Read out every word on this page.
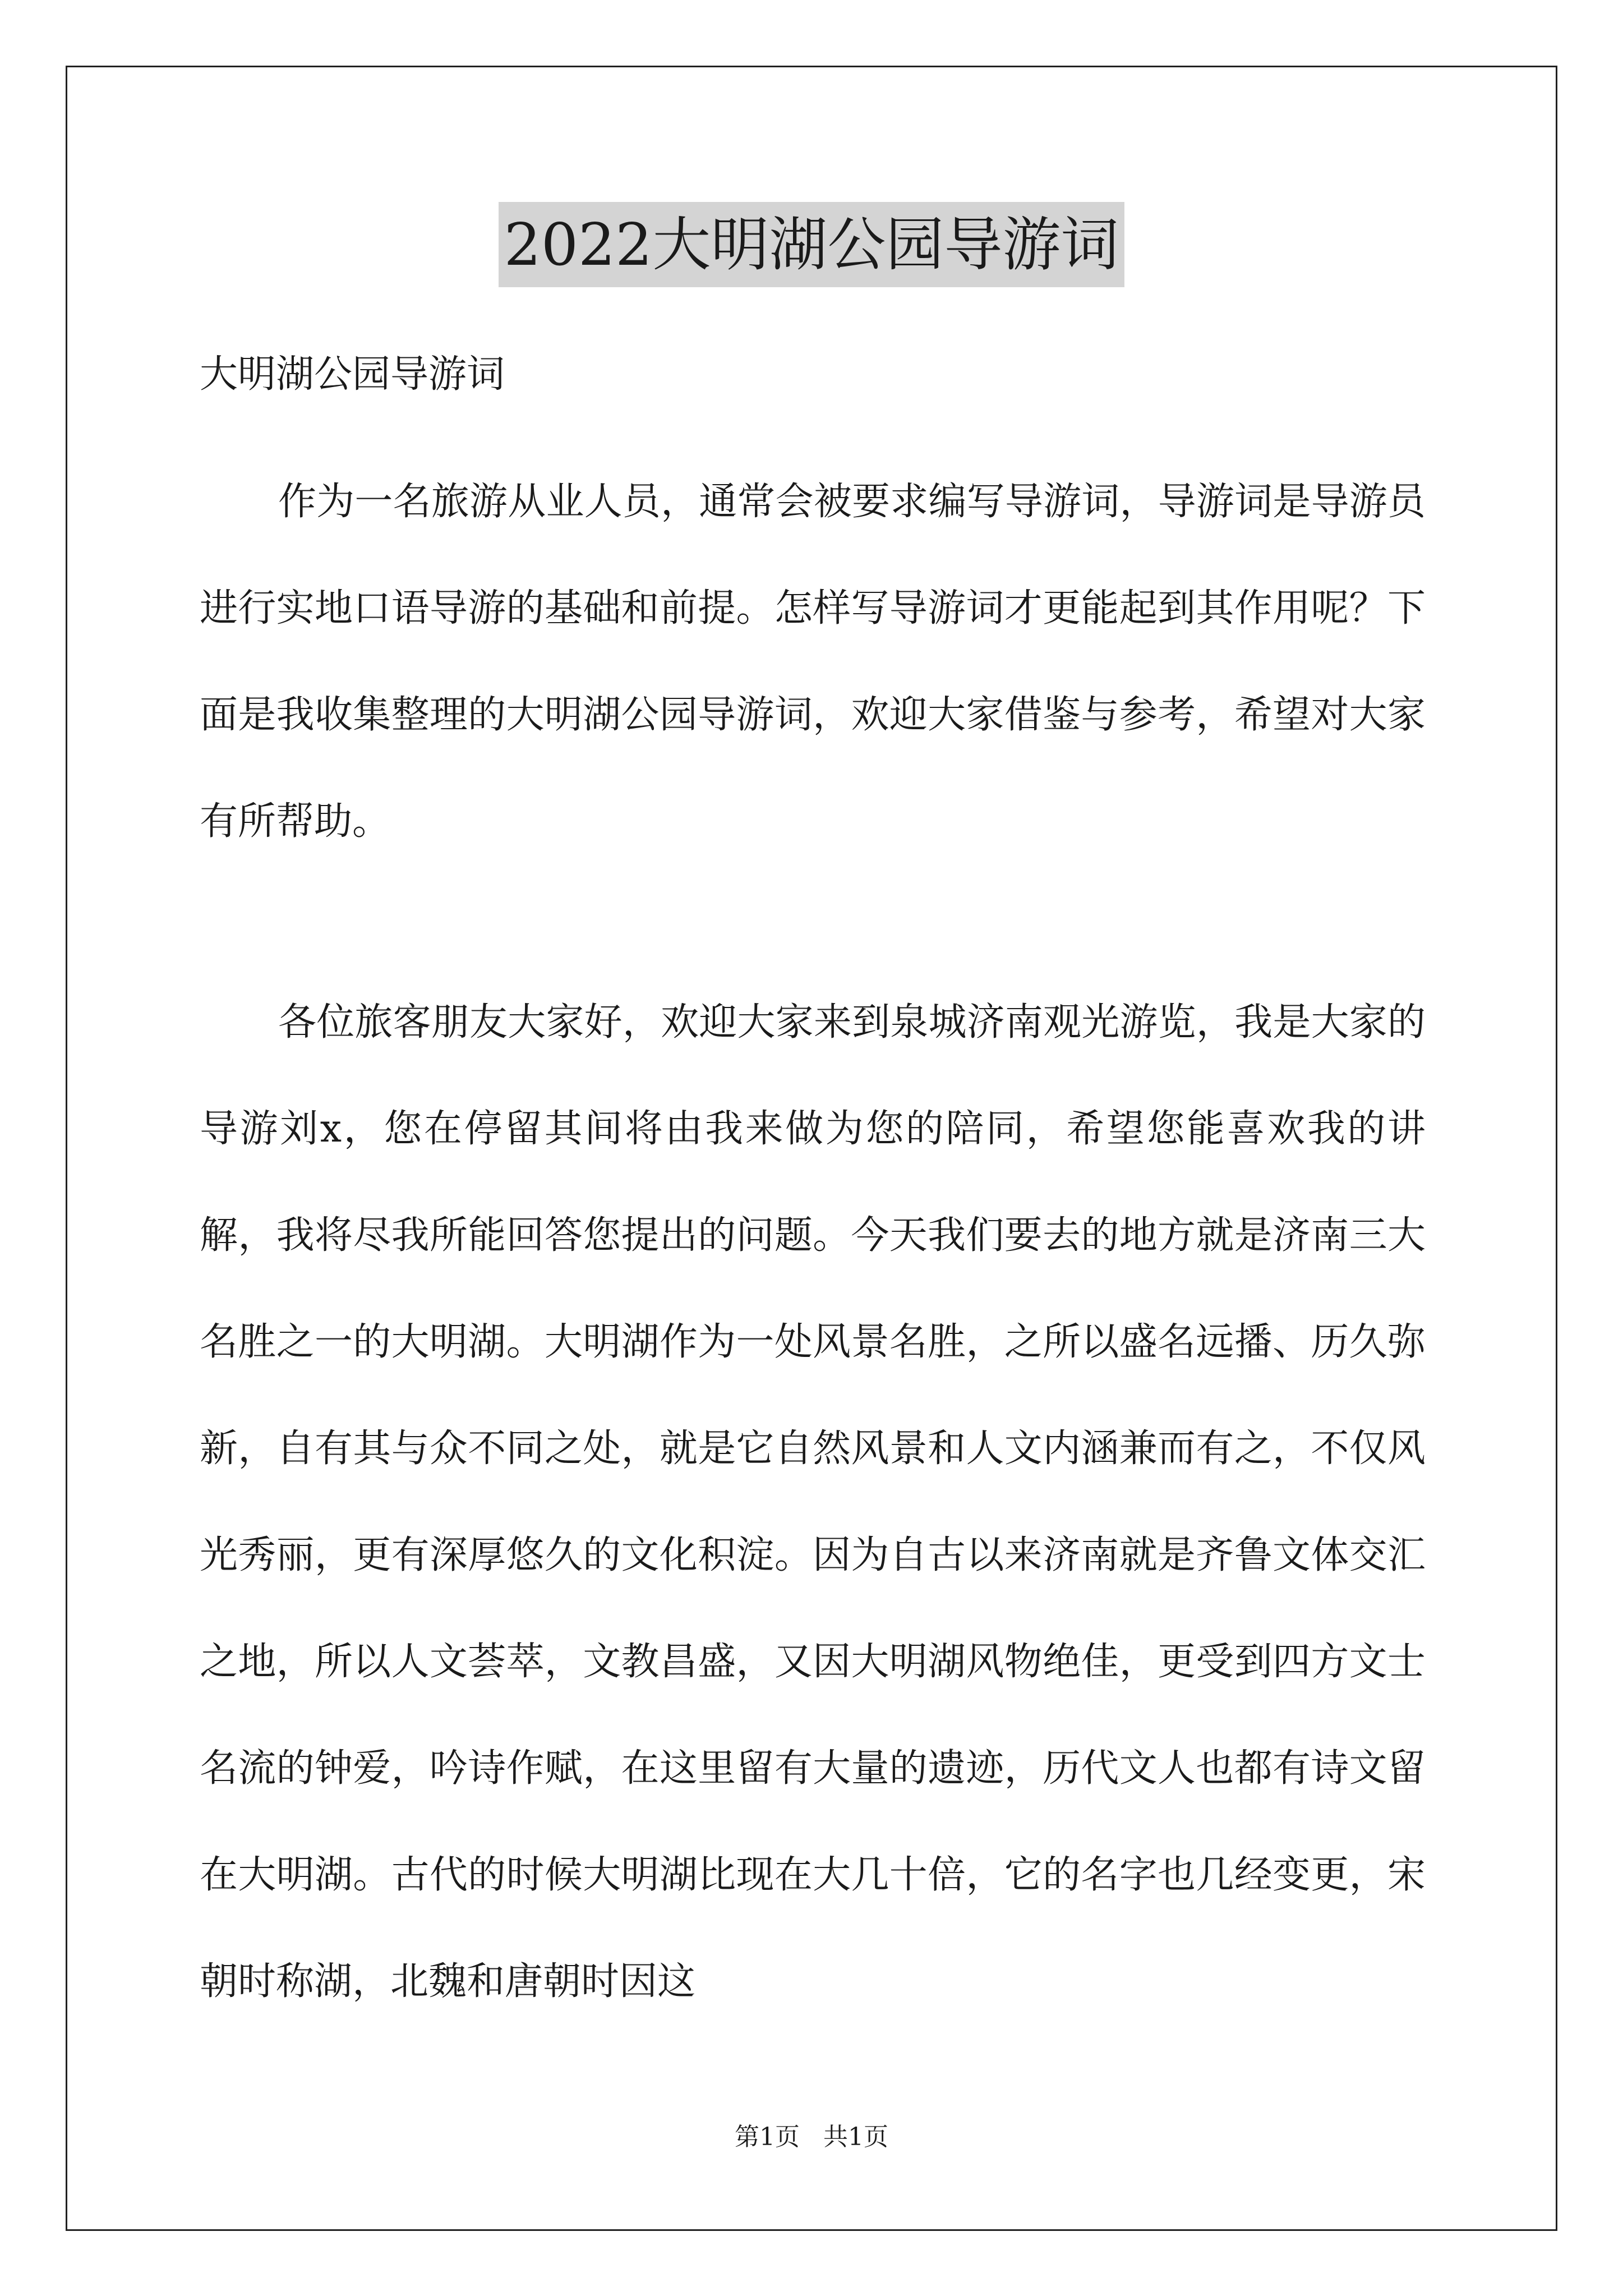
2022大明湖公园导游词
大明湖公园导游词

作为一名旅游从业人员，通常会被要求编写导游词，导游词是导游员进行实地口语导游的基础和前提。怎样写导游词才更能起到其作用呢？下面是我收集整理的大明湖公园导游词，欢迎大家借鉴与参考，希望对大家有所帮助。

各位旅客朋友大家好，欢迎大家来到泉城济南观光游览，我是大家的导游刘x，您在停留其间将由我来做为您的陪同，希望您能喜欢我的讲解，我将尽我所能回答您提出的问题。今天我们要去的地方就是济南三大名胜之一的大明湖。大明湖作为一处风景名胜，之所以盛名远播、历久弥新，自有其与众不同之处，就是它自然风景和人文内涵兼而有之，不仅风光秀丽，更有深厚悠久的文化积淀。因为自古以来济南就是齐鲁文体交汇之地，所以人文荟萃，文教昌盛，又因大明湖风物绝佳，更受到四方文士名流的钟爱，吟诗作赋，在这里留有大量的遗迹，历代文人也都有诗文留在大明湖。古代的时候大明湖比现在大几十倍，它的名字也几经变更，宋朝时称湖，北魏和唐朝时因这

第1页   共1页
